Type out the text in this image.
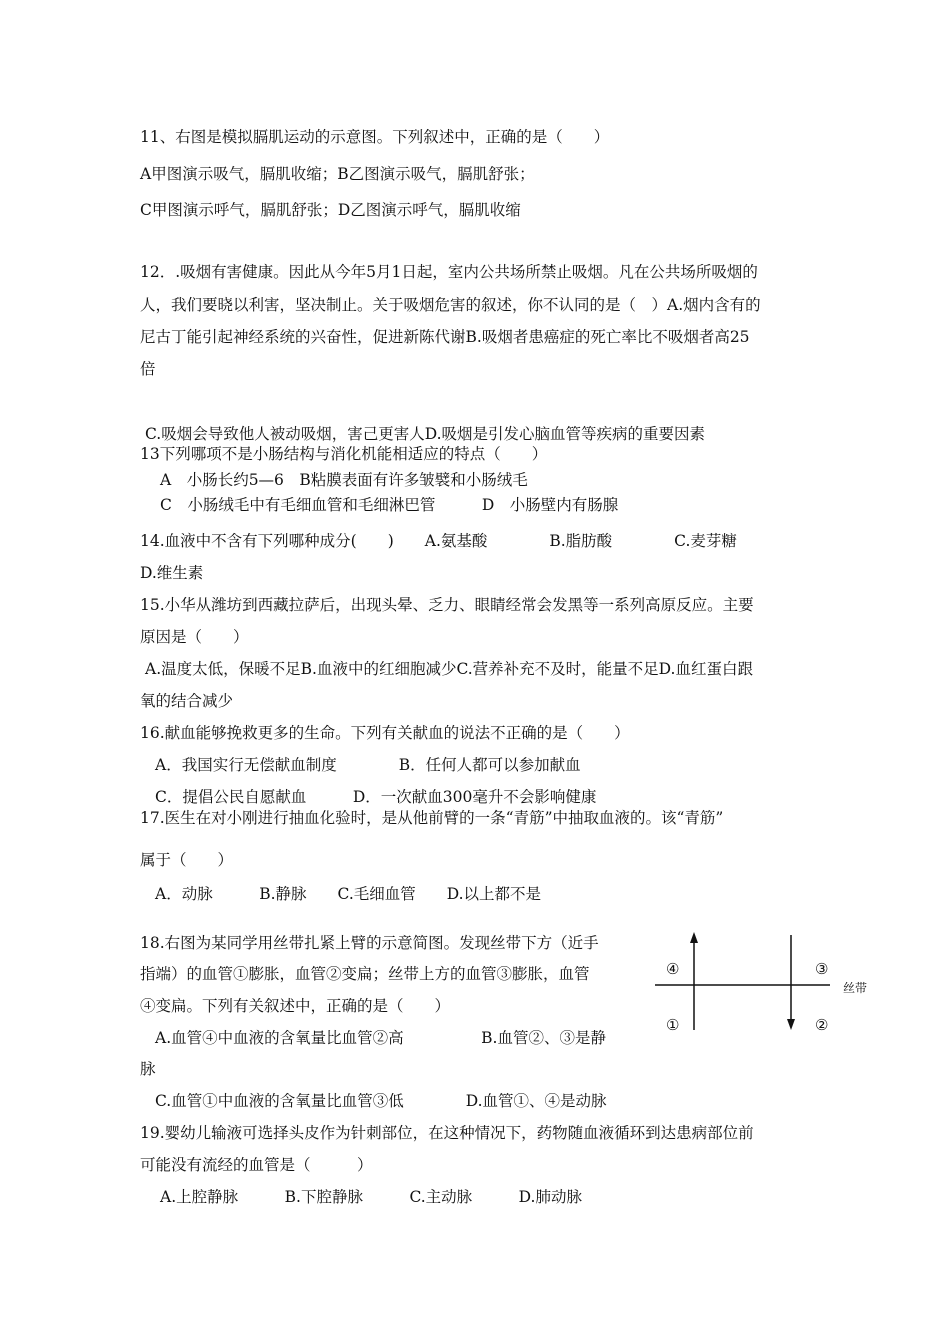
11、右图是模拟膈肌运动的示意图。下列叙述中，正确的是（　　）
A甲图演示吸气，膈肌收缩；B乙图演示吸气，膈肌舒张；
C甲图演示呼气，膈肌舒张；D乙图演示呼气，膈肌收缩
12．.吸烟有害健康。因此从今年5月1日起，室内公共场所禁止吸烟。凡在公共场所吸烟的
人，我们要晓以利害，坚决制止。关于吸烟危害的叙述，你不认同的是（　）A.烟内含有的
尼古丁能引起神经系统的兴奋性，促进新陈代谢B.吸烟者患癌症的死亡率比不吸烟者高25
倍
C.吸烟会导致他人被动吸烟，害己更害人D.吸烟是引发心脑血管等疾病的重要因素
13下列哪项不是小肠结构与消化机能相适应的特点（　　）
A　小肠长约5—6　B粘膜表面有许多皱襞和小肠绒毛
C　小肠绒毛中有毛细血管和毛细淋巴管　　　D　小肠壁内有肠腺
14.血液中不含有下列哪种成分(　　)　　A.氨基酸　　　　B.脂肪酸　　　　C.麦芽糖
D.维生素
15.小华从潍坊到西藏拉萨后，出现头晕、乏力、眼睛经常会发黑等一系列高原反应。主要
原因是（　　）
A.温度太低，保暖不足B.血液中的红细胞减少C.营养补充不及时，能量不足D.血红蛋白跟
氧的结合减少
16.献血能够挽救更多的生命。下列有关献血的说法不正确的是（　　）
A．我国实行无偿献血制度　　　　B．任何人都可以参加献血
C．提倡公民自愿献血　　　D．一次献血300毫升不会影响健康
17.医生在对小刚进行抽血化验时，是从他前臂的一条“青筋”中抽取血液的。该“青筋”
属于（　　）
A．动脉　　　B.静脉　　C.毛细血管　　D.以上都不是
18.右图为某同学用丝带扎紧上臂的示意简图。发现丝带下方（近手
指端）的血管①膨胀，血管②变扁；丝带上方的血管③膨胀，血管
④变扁。下列有关叙述中，正确的是（　　）
A.血管④中血液的含氧量比血管②高　　　　　B.血管②、③是静
脉
C.血管①中血液的含氧量比血管③低　　　　D.血管①、④是动脉
④	③
①	②
丝带
19.婴幼儿输液可选择头皮作为针刺部位，在这种情况下，药物随血液循环到达患病部位前
可能没有流经的血管是（　　　）
A.上腔静脉　　　B.下腔静脉　　　C.主动脉　　　D.肺动脉
